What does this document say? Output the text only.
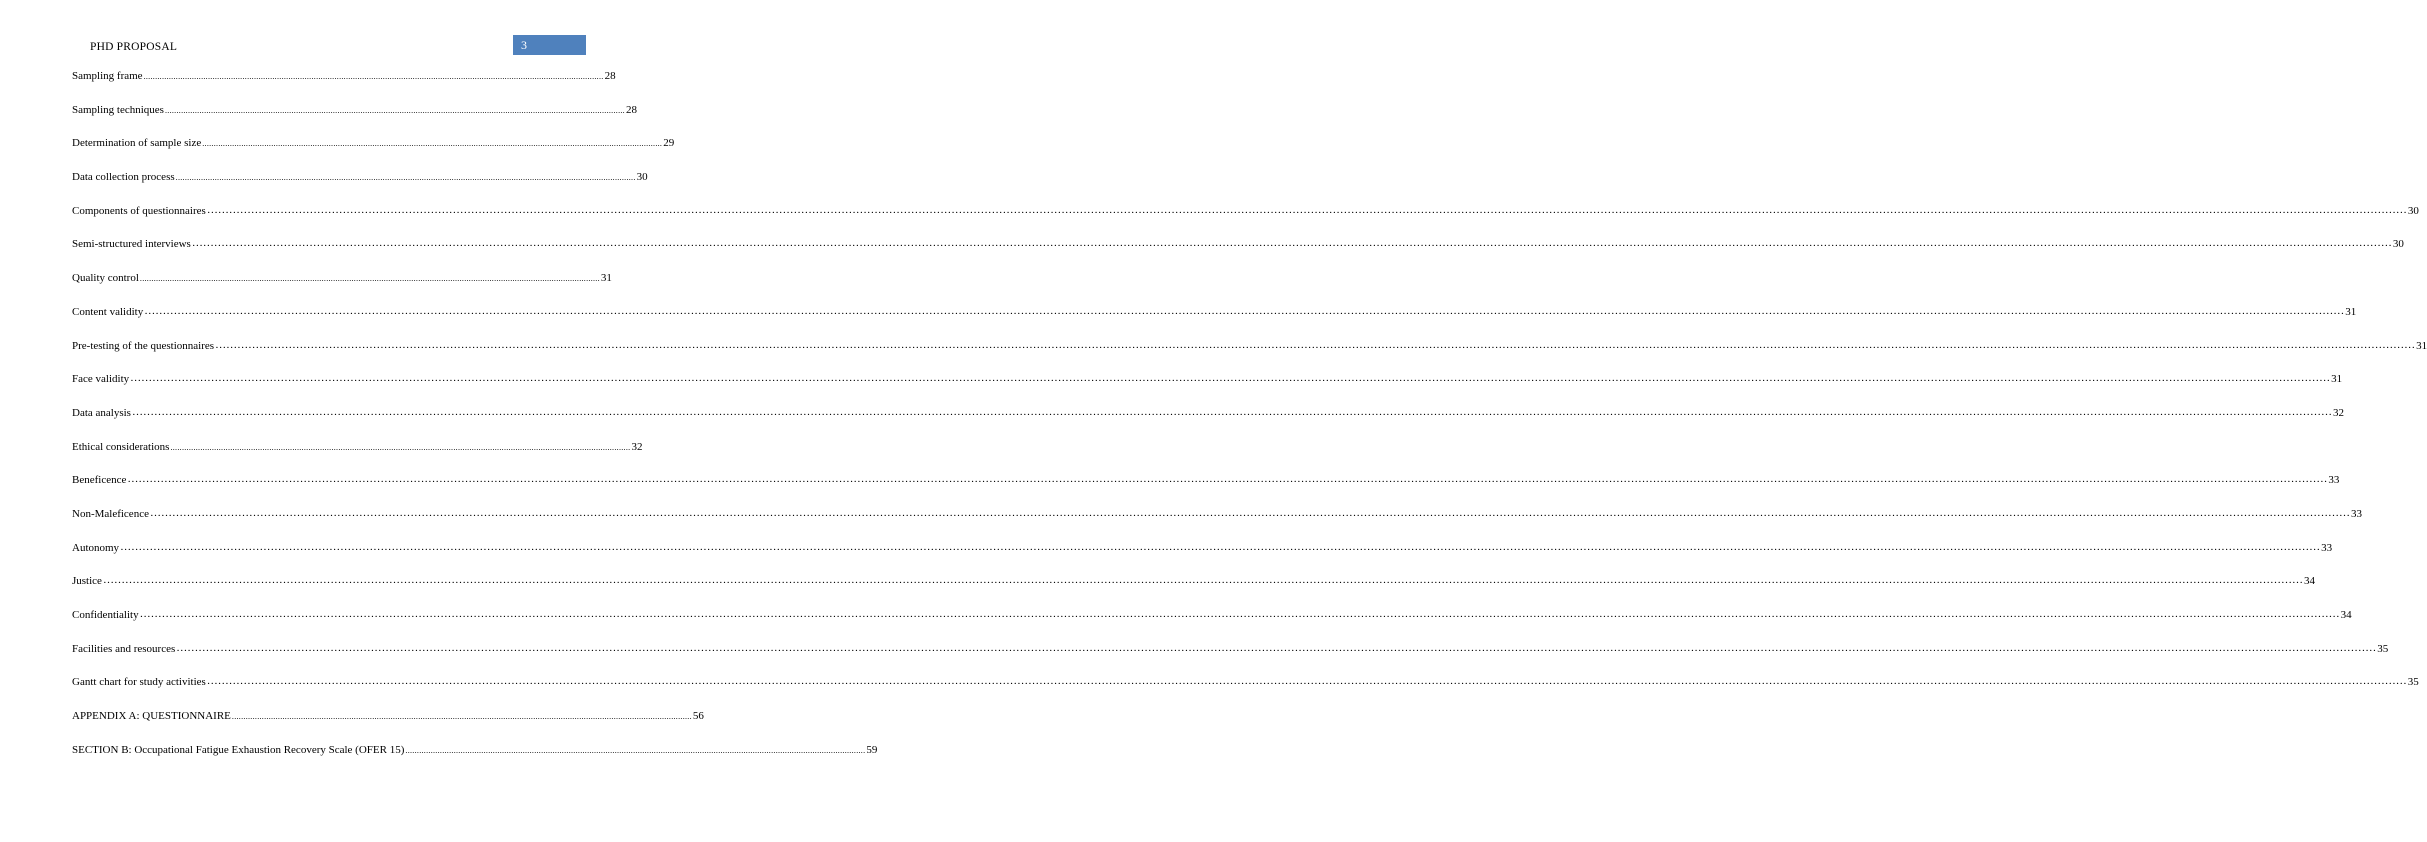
PHD PROPOSAL	3
Sampling frame ........................................................................................................................................................................................................ 28
Sampling techniques ........................................................................................................................................................................................................ 28
Determination of sample size ........................................................................................................................................................................................................ 29
Data collection process ........................................................................................................................................................................................................ 30
Components of questionnaires …………………………………………………………………………………………………………………………………………………………………………………………………………………………………………………………………………………………………………………………………………………………………………………………………………………………………………………………………………………………………………………………………………………… 30
Semi-structured interviews …………………………………………………………………………………………………………………………………………………………………………………………………………………………………………………………………………………………………………………………………………………………………………………………………………………………………………………………………………………………………………………………………………………… 30
Quality control ........................................................................................................................................................................................................ 31
Content validity …………………………………………………………………………………………………………………………………………………………………………………………………………………………………………………………………………………………………………………………………………………………………………………………………………………………………………………………………………………………………………………………………………………… 31
Pre-testing of the questionnaires …………………………………………………………………………………………………………………………………………………………………………………………………………………………………………………………………………………………………………………………………………………………………………………………………………………………………………………………………………………………………………………………………………………… 31
Face validity …………………………………………………………………………………………………………………………………………………………………………………………………………………………………………………………………………………………………………………………………………………………………………………………………………………………………………………………………………………………………………………………………………………… 31
Data analysis …………………………………………………………………………………………………………………………………………………………………………………………………………………………………………………………………………………………………………………………………………………………………………………………………………………………………………………………………………………………………………………………………………………… 32
Ethical considerations ........................................................................................................................................................................................................ 32
Beneficence …………………………………………………………………………………………………………………………………………………………………………………………………………………………………………………………………………………………………………………………………………………………………………………………………………………………………………………………………………………………………………………………………………………… 33
Non-Maleficence …………………………………………………………………………………………………………………………………………………………………………………………………………………………………………………………………………………………………………………………………………………………………………………………………………………………………………………………………………………………………………………………………………………… 33
Autonomy …………………………………………………………………………………………………………………………………………………………………………………………………………………………………………………………………………………………………………………………………………………………………………………………………………………………………………………………………………………………………………………………………………………… 33
Justice …………………………………………………………………………………………………………………………………………………………………………………………………………………………………………………………………………………………………………………………………………………………………………………………………………………………………………………………………………………………………………………………………………………… 34
Confidentiality …………………………………………………………………………………………………………………………………………………………………………………………………………………………………………………………………………………………………………………………………………………………………………………………………………………………………………………………………………………………………………………………………………………… 34
Facilities and resources …………………………………………………………………………………………………………………………………………………………………………………………………………………………………………………………………………………………………………………………………………………………………………………………………………………………………………………………………………………………………………………………………………………… 35
Gantt chart for study activities …………………………………………………………………………………………………………………………………………………………………………………………………………………………………………………………………………………………………………………………………………………………………………………………………………………………………………………………………………………………………………………………………………………… 35
APPENDIX A: QUESTIONNAIRE ........................................................................................................................................................................................................ 56
SECTION B: Occupational Fatigue Exhaustion Recovery Scale (OFER 15) ........................................................................................................................................................................................................ 59
